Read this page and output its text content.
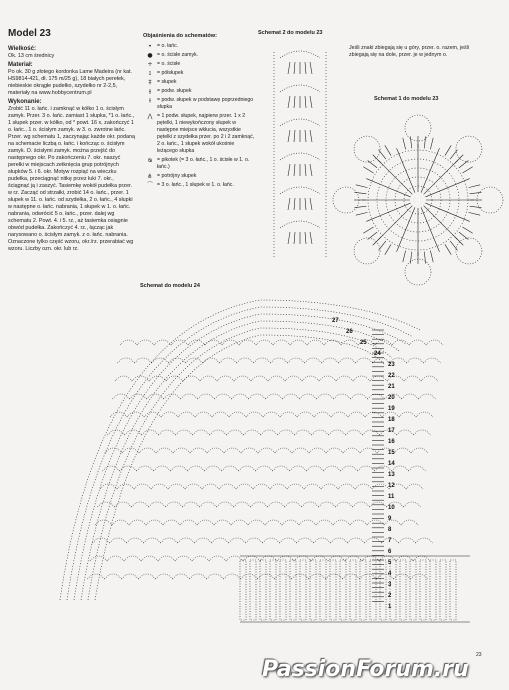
Model 23

Wielkość:
Ok. 13 cm średnicy

Materiał:
Po ok. 30 g złotego kordonka Lame Madeira (nr kat. HS9814-421, dł. 175 m/25 g), 18 białych perełek, niebieskie okrągłe pudełko, szydełko nr 2-2,5, materiały na www.hobbycentrum.pl

Wykonanie:
Zrobić 11 o. łańc. i zamknąć w kółko 1 o. ścisłym zamyk. Przer. 3 o. łańc. zamiast 1 słupka, *1 o. łańc., 1 słupek przer. w kółko, od * powt. 16 x, zakończyć 1 o. łańc., 1 o. ścisłym zamyk. w 3. o. zwrotne łańc. Przer. wg schematu 1, zaczynając każde okr. podaną na schemacie liczbą o. łańc. i kończąc o. ścisłym zamyk. O. ścisłymi zamyk. można przejść do następnego okr. Po zakończeniu 7. okr. naszyć perełki w miejscach zetknięcia grup potrójnych słupków 5. i 6. okr. Motyw rozpiąć na wieczku pudełka, przeciągnąć nitkę przez łuki 7. okr., ściągnąć ją i zaszyć. Tasiemkę wokół pudełka przer. w rz. Zacząć od strzałki, zrobić 14 o. łańc., przer. 1 słupek w 11. o. łańc. od szydełka, 2 o. łańc., 4 słupki w następne o. łańc. nabrania, 1 słupek w 1. o. łańc. nabrania, odwrócić 5 o. łańc., przer. dalej wg schematu 2. Powt. 4. i 5. rz., aż tasiemka osiągnie obwód pudełka. Zakończyć 4. rz., łącząc jak narysowano o. ścisłym zamyk. z o. łańc. nabrania. Oznaczone tylko część wzoru, okr./rz. przerabiać wg wzoru. Liczby ozn. okr. lub rz.

Objaśnienia do schematów:
•	= o. łańc.
● = o. ścisłe zamyk.
+ = o. ścisłe
ɪ	= półsłupek
‡	= słupek
⫳	= podw. słupek
⫲	= podw. słupek w podstawę poprzedniego słupka
⋀ = 1 podw. słupek, najpierw przer. 1 x 2 pętelki, 1 niewykończony słupek w następne miejsce wkłucia, wszystkie pętelki z szydełka przer. po 2 i 2 zamknąć, 2 o. łańc., 1 słupek wokół ukośnie leżącego słupka
ᴓ = pikotek (= 3 o. łańc., 1 o. ścisłe w 1. o. łańc.)
⋔ = potrójny słupek
⌒ = 3 o. łańc., 1 słupek w 1. o. łańc.
Jeśli znaki zbiegają się u góry, przer. o. razem, jeśli zbiegają się na dole, przer. je w jednym o.
Schemat 2 do modelu 23
Schemat 1 do modelu 23
Schemat do modelu 24
27
26
25
24
23
22
21
20
19
18
17
16
15
14
13
12
11
10
9
8
7
6
5
4
3
2
1
23
PassionForum.ru
